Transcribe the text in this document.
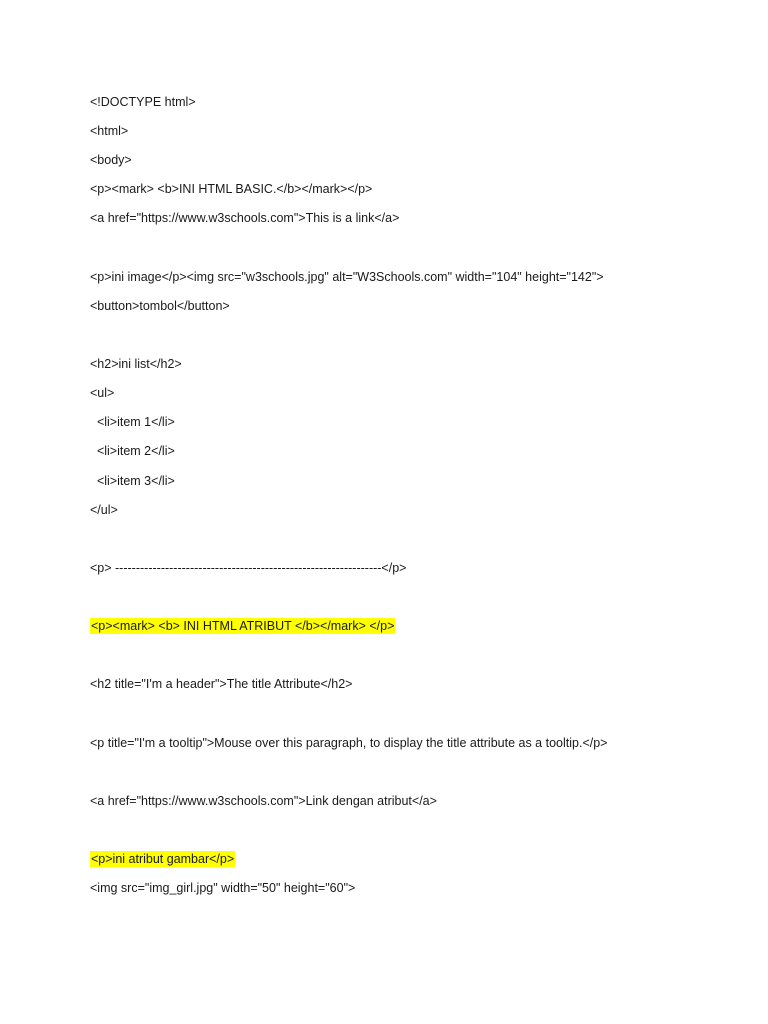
<!DOCTYPE html>

<html>

<body>

<p><mark> <b>INI HTML BASIC.</b></mark></p>

<a href="https://www.w3schools.com">This is a link</a>

<p>ini image</p><img src="w3schools.jpg" alt="W3Schools.com" width="104" height="142">

<button>tombol</button>

<h2>ini list</h2>

<ul>

<li>item 1</li>

<li>item 2</li>

<li>item 3</li>

</ul>

<p> ----------------------------------------------------------------</p>

<p><mark> <b> INI HTML ATRIBUT </b></mark> </p>

<h2 title="I'm a header">The title Attribute</h2>

<p title="I'm a tooltip">Mouse over this paragraph, to display the title attribute as a tooltip.</p>

<a href="https://www.w3schools.com">Link dengan atribut</a>

<p>ini atribut gambar</p>

<img src="img_girl.jpg" width="50" height="60">
